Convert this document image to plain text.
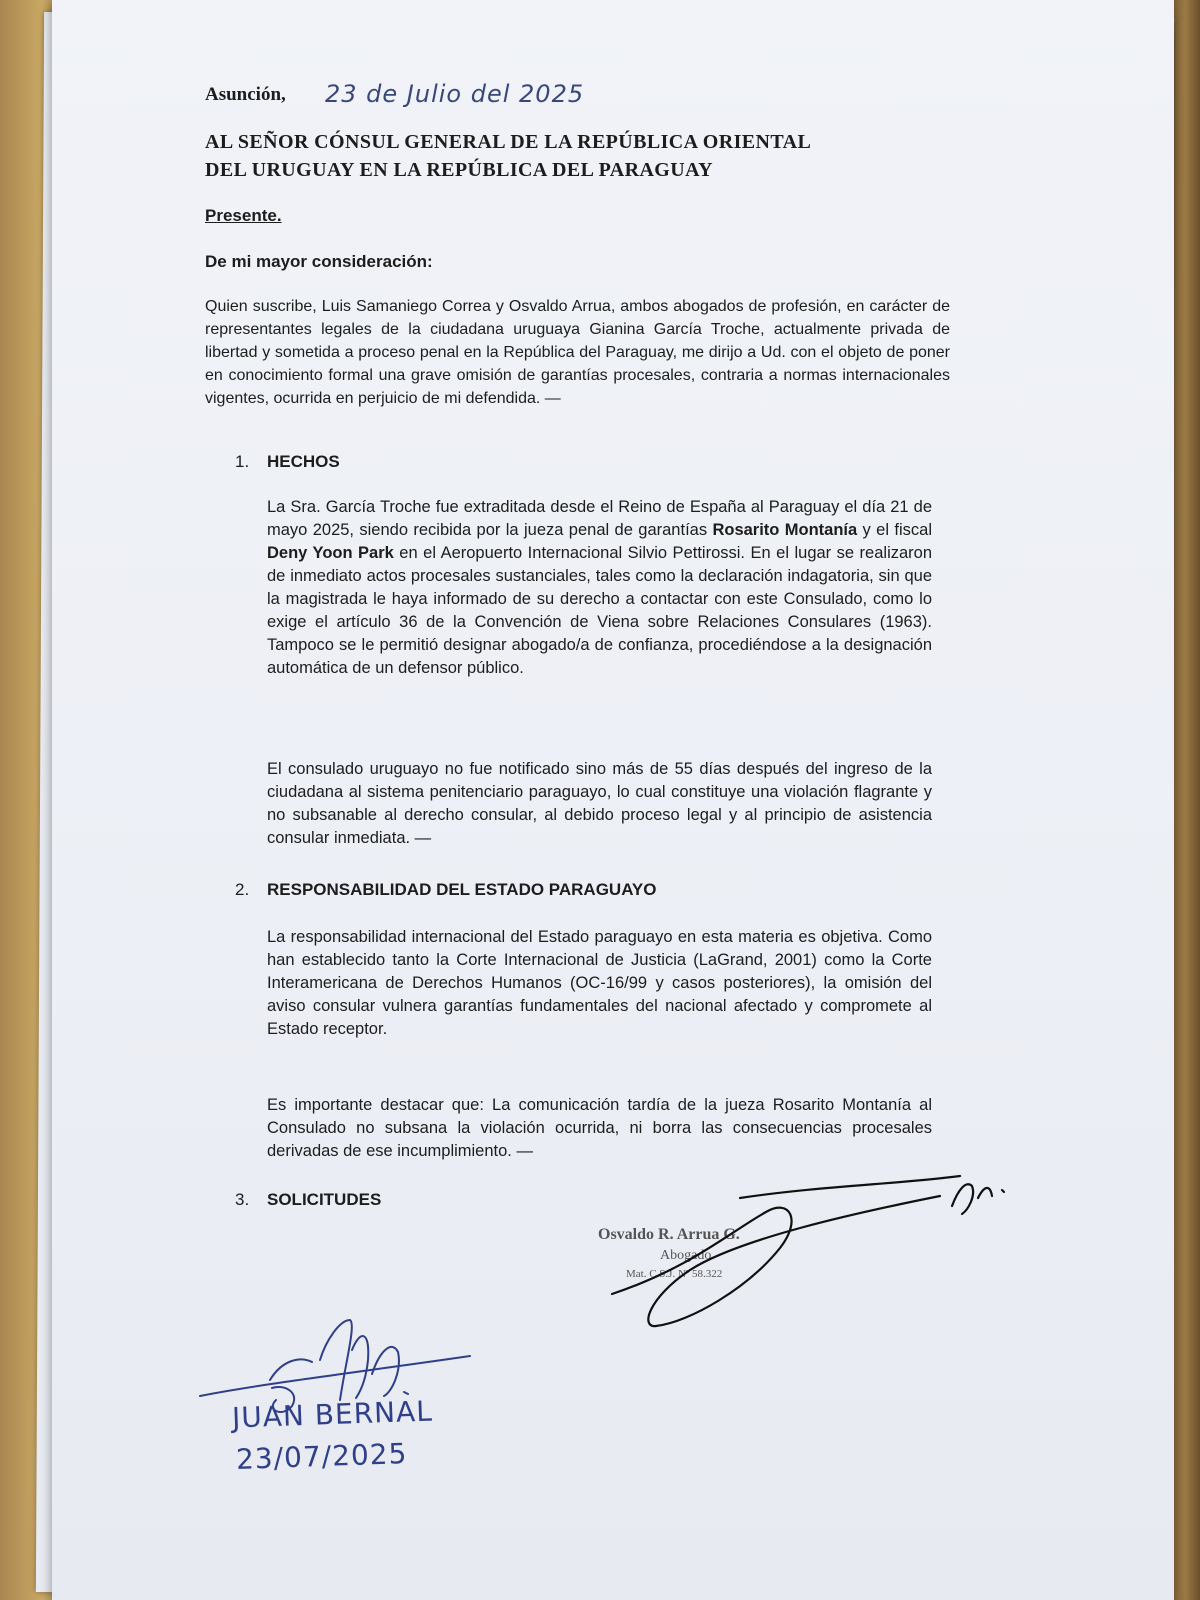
Asunción, 23 de Julio del 2025
AL SEÑOR CÓNSUL GENERAL DE LA REPÚBLICA ORIENTAL
DEL URUGUAY EN LA REPÚBLICA DEL PARAGUAY
Presente.
De mi mayor consideración:
Quien suscribe, Luis Samaniego Correa y Osvaldo Arrua, ambos abogados de profesión, en carácter de representantes legales de la ciudadana uruguaya Gianina García Troche, actualmente privada de libertad y sometida a proceso penal en la República del Paraguay, me dirijo a Ud. con el objeto de poner en conocimiento formal una grave omisión de garantías procesales, contraria a normas internacionales vigentes, ocurrida en perjuicio de mi defendida. —
1. HECHOS
La Sra. García Troche fue extraditada desde el Reino de España al Paraguay el día 21 de mayo 2025, siendo recibida por la jueza penal de garantías Rosarito Montanía y el fiscal Deny Yoon Park en el Aeropuerto Internacional Silvio Pettirossi. En el lugar se realizaron de inmediato actos procesales sustanciales, tales como la declaración indagatoria, sin que la magistrada le haya informado de su derecho a contactar con este Consulado, como lo exige el artículo 36 de la Convención de Viena sobre Relaciones Consulares (1963). Tampoco se le permitió designar abogado/a de confianza, procediéndose a la designación automática de un defensor público.
El consulado uruguayo no fue notificado sino más de 55 días después del ingreso de la ciudadana al sistema penitenciario paraguayo, lo cual constituye una violación flagrante y no subsanable al derecho consular, al debido proceso legal y al principio de asistencia consular inmediata. —
2. RESPONSABILIDAD DEL ESTADO PARAGUAYO
La responsabilidad internacional del Estado paraguayo en esta materia es objetiva. Como han establecido tanto la Corte Internacional de Justicia (LaGrand, 2001) como la Corte Interamericana de Derechos Humanos (OC-16/99 y casos posteriores), la omisión del aviso consular vulnera garantías fundamentales del nacional afectado y compromete al Estado receptor.
Es importante destacar que: La comunicación tardía de la jueza Rosarito Montanía al Consulado no subsana la violación ocurrida, ni borra las consecuencias procesales derivadas de ese incumplimiento. —
3. SOLICITUDES
Osvaldo R. Arrua G.
Abogado
Mat. C.S.J. Nº 58.322
JUAN BERNAL
23/07/2025
